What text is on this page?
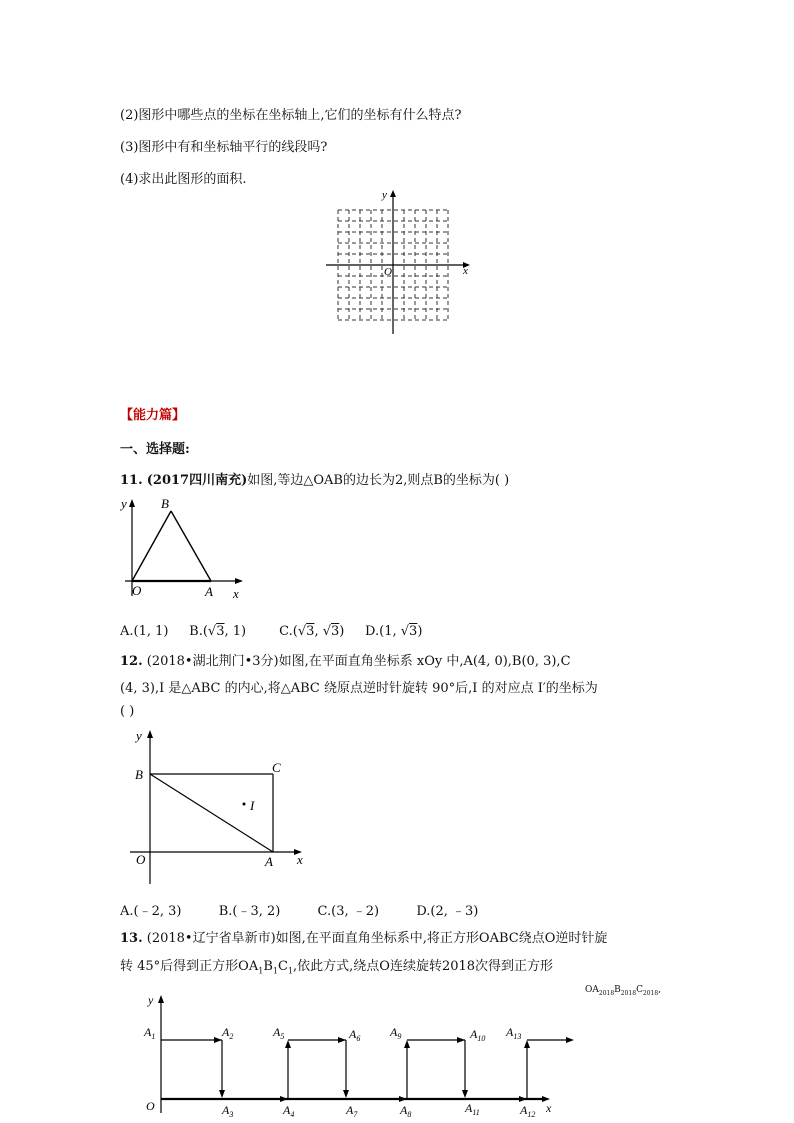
(2)图形中哪些点的坐标在坐标轴上,它们的坐标有什么特点?
(3)图形中有和坐标轴平行的线段吗?
(4)求出此图形的面积.
x
y
O
【能力篇】
一、选择题:
11. (2017四川南充)如图,等边△OAB的边长为2,则点B的坐标为( )
y	B
O	A x
A.(1, 1) B.(√3, 1)	C.(√3, √3) D.(1, √3)
12. (2018•湖北荆门•3分)如图,在平面直角坐标系 xOy 中,A(4, 0),B(0, 3),C
(4, 3),I 是△ABC 的内心,将△ABC 绕原点逆时针旋转 90°后,I 的对应点 I′的坐标为
( )
y
B	C
I
O	A x
A.(﹣2, 3)	B.(﹣3, 2)	C.(3, ﹣2)	D.(2, ﹣3)
13. (2018•辽宁省阜新市)如图,在平面直角坐标系中,将正方形OABC绕点O逆时针旋
转 45°后得到正方形$OA_1B_1C_1$,依此方式,绕点O连续旋转2018次得到正方形
$OA_{2018}B_{2018}C_{2018}$,
y
O	x
$A_1$	$A_2$
$A_3$	$A_4$
$A_5$	$A_6$
$A_7$	$A_8$
$A_9$	$A_{10}$
$A_{11}$	$A_{12}$
$A_{13}$
